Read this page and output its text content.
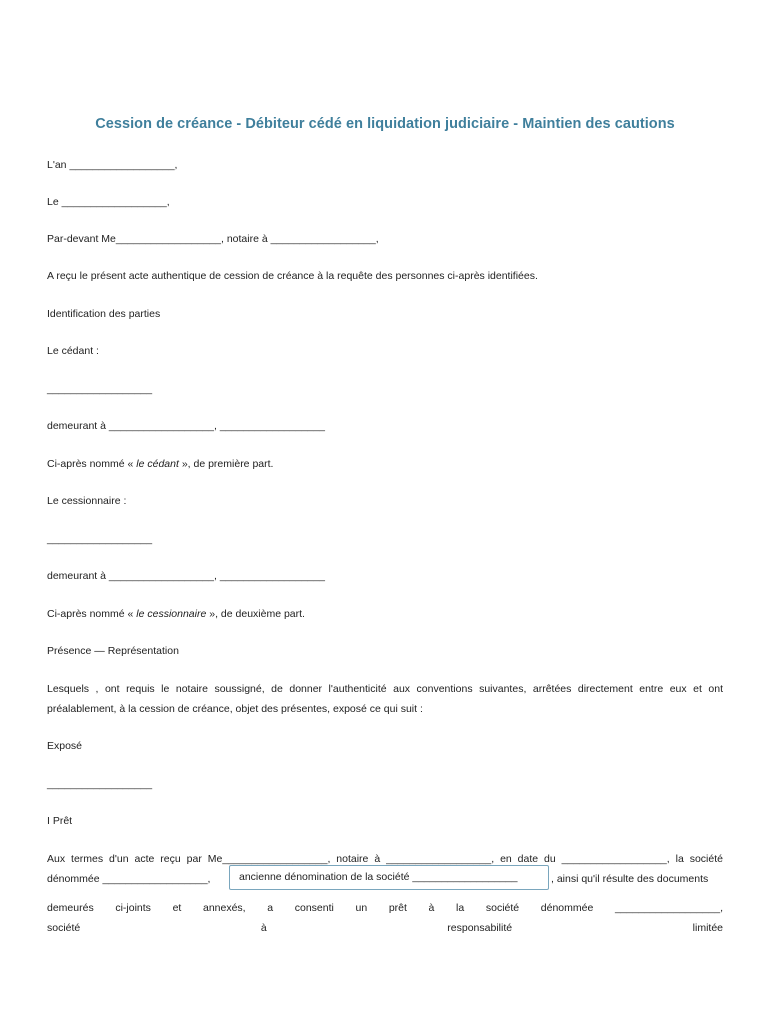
Cession de créance - Débiteur cédé en liquidation judiciaire - Maintien des cautions
L'an __________________,
Le __________________,
Par-devant Me__________________, notaire à __________________,
A reçu le présent acte authentique de cession de créance à la requête des personnes ci-après identifiées.
Identification des parties
Le cédant :
__________________
demeurant à __________________, __________________
Ci-après nommé « le cédant », de première part.
Le cessionnaire :
__________________
demeurant à __________________, __________________
Ci-après nommé « le cessionnaire », de deuxième part.
Présence — Représentation
Lesquels , ont requis le notaire soussigné, de donner l'authenticité aux conventions suivantes, arrêtées directement entre eux et ont
préalablement, à la cession de créance, objet des présentes, exposé ce qui suit :
Exposé
__________________
I Prêt
Aux termes d'un acte reçu par Me__________________, notaire à __________________, en date du __________________, la société
dénommée __________________,	ancienne dénomination de la société __________________	, ainsi qu'il résulte des documents
demeurés ci-joints et annexés, a consenti un prêt à la société dénommée __________________,
société	à	responsabilité	limitée
